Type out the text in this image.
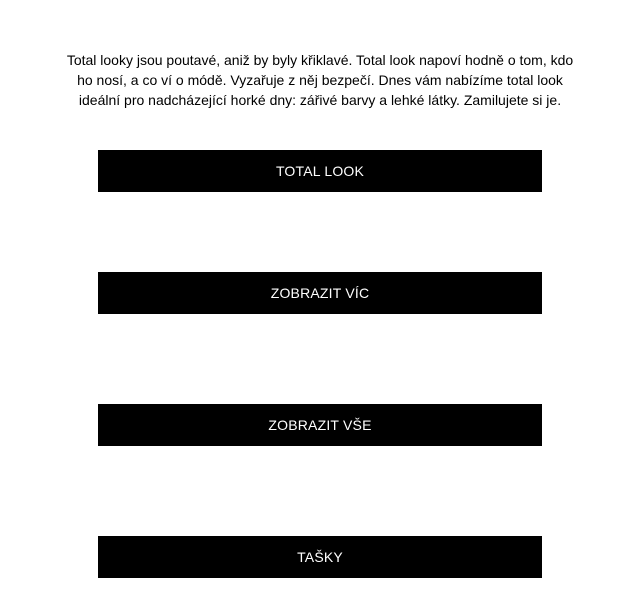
Total looky jsou poutavé, aniž by byly křiklavé. Total look napoví hodně o tom, kdo ho nosí, a co ví o módě. Vyzařuje z něj bezpečí. Dnes vám nabízíme total look ideální pro nadcházející horké dny: zářivé barvy a lehké látky. Zamilujete si je.

TOTAL LOOK
ZOBRAZIT VÍC
ZOBRAZIT VŠE
TAŠKY
